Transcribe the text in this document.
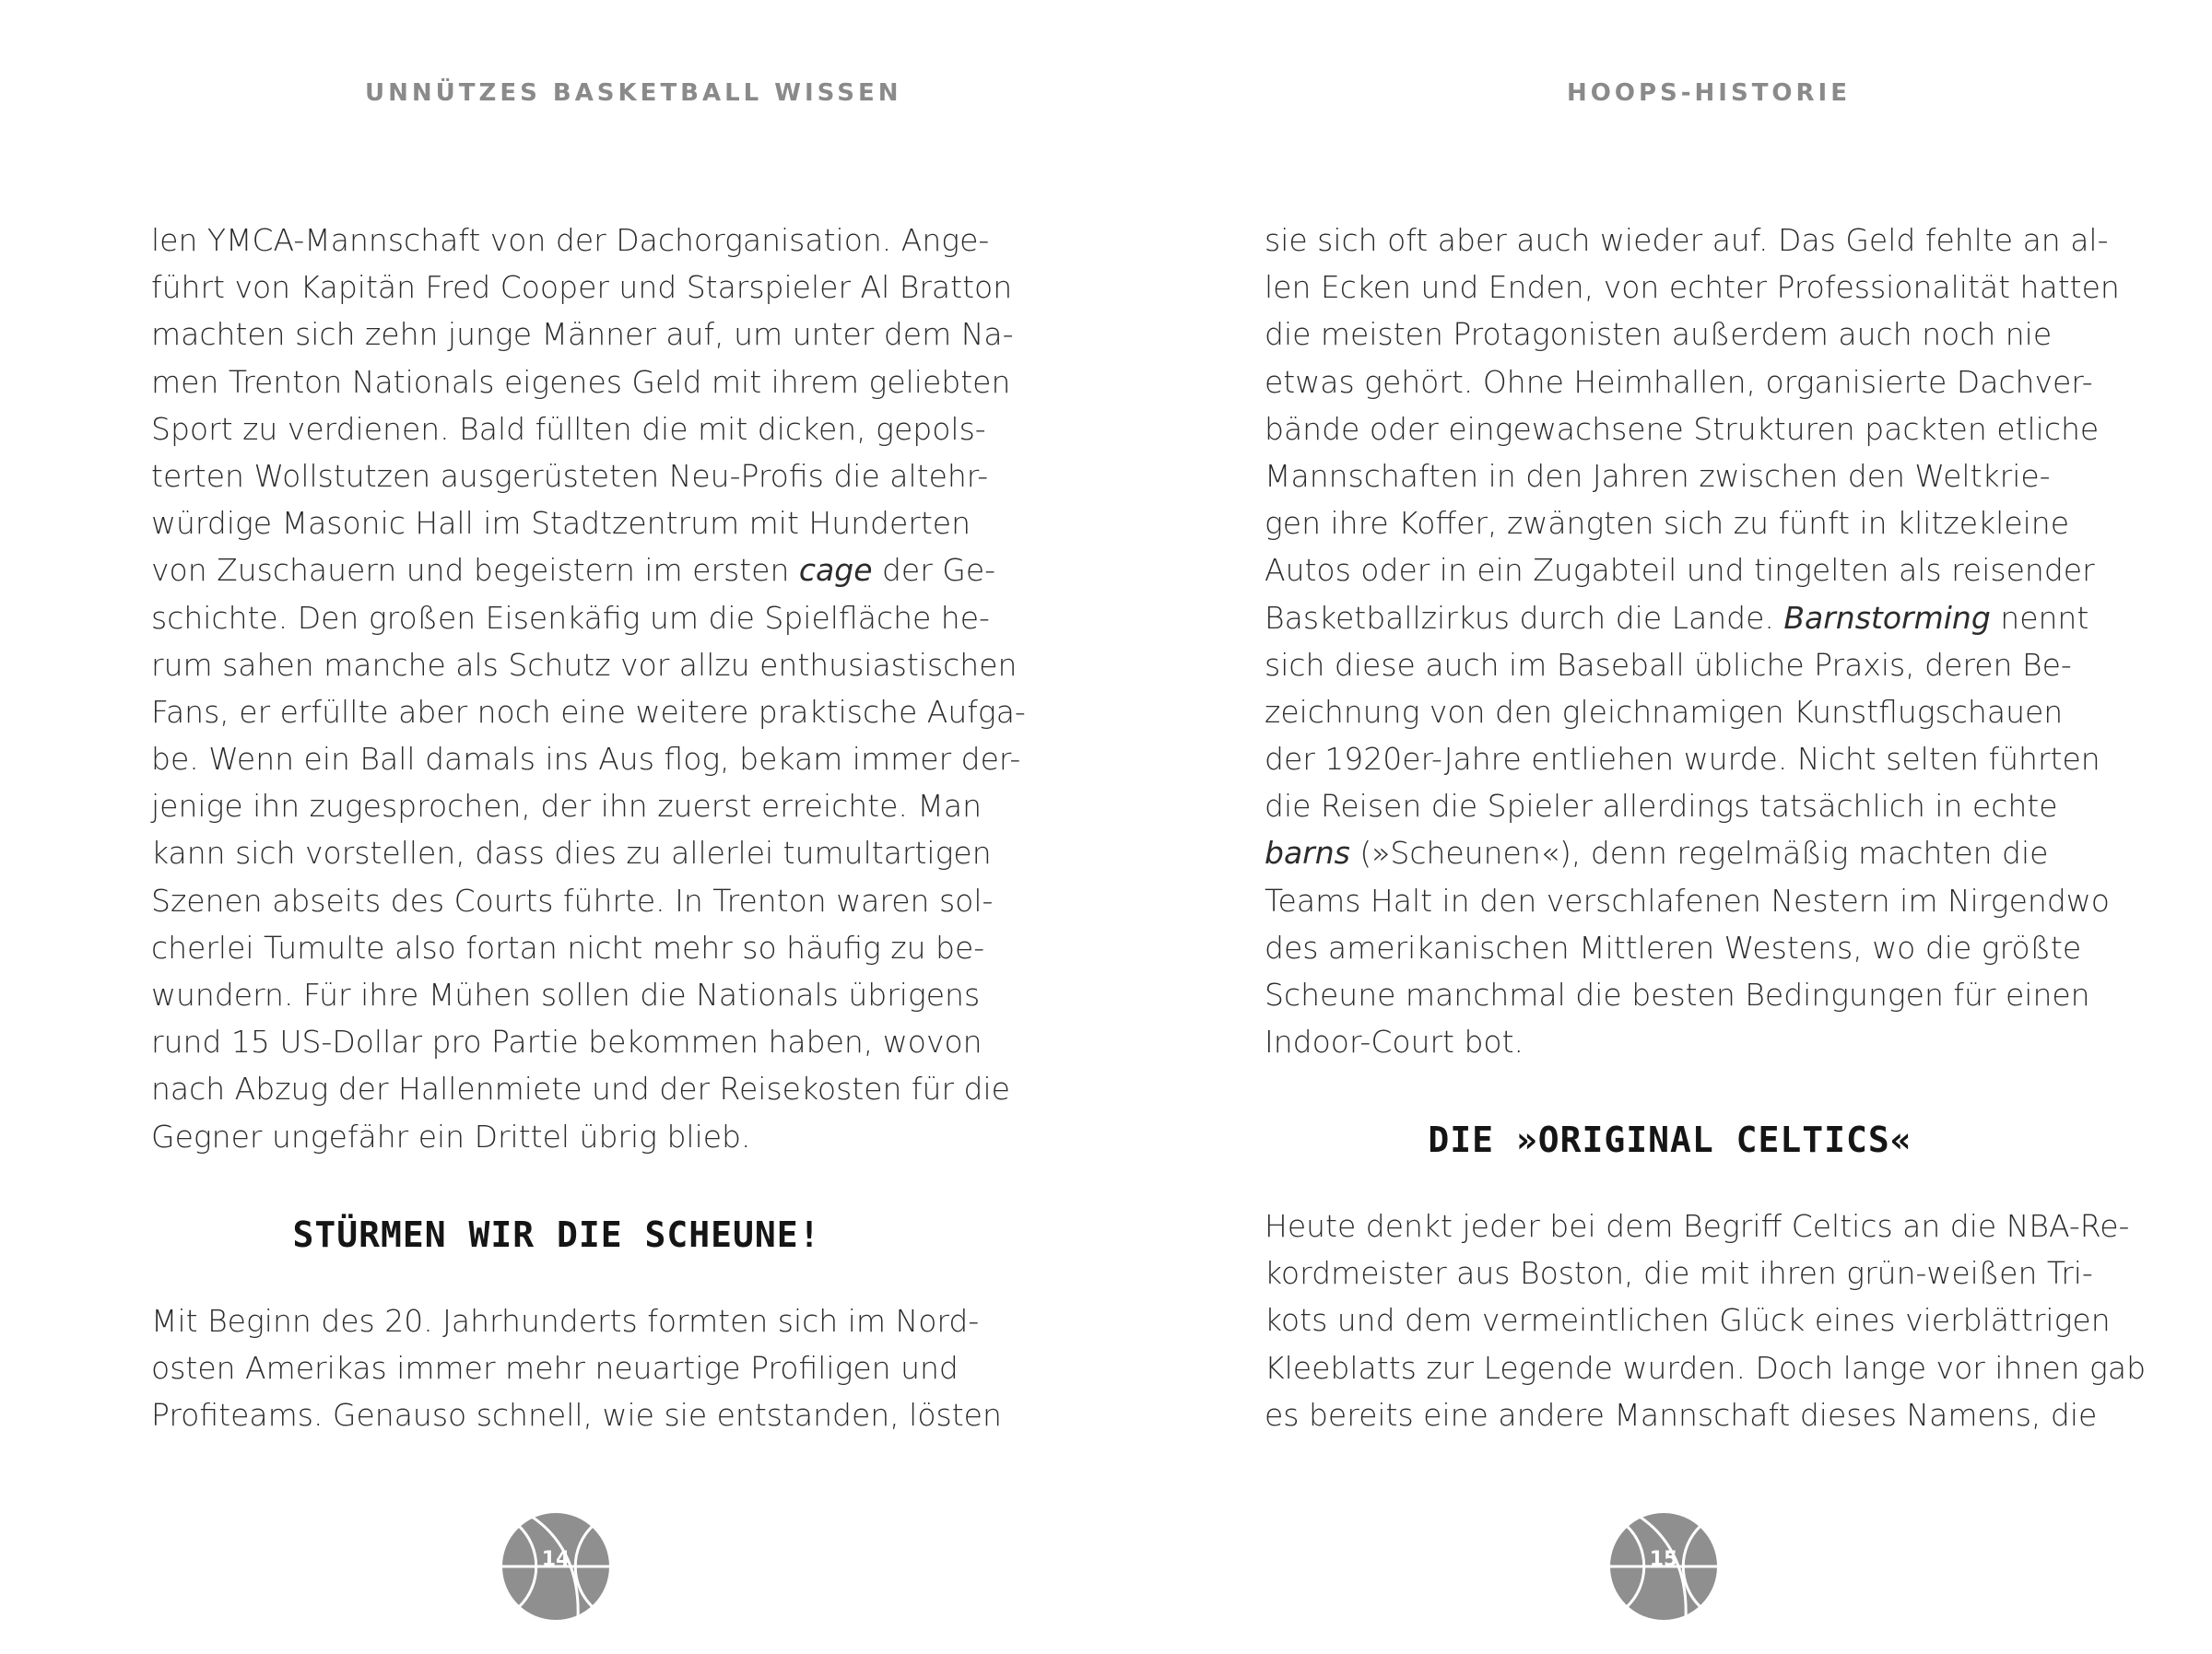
UNNÜTZES BASKETBALL WISSEN
len YMCA-Mannschaft von der Dachorganisation. Ange-
führt von Kapitän Fred Cooper und Starspieler Al Bratton
machten sich zehn junge Männer auf, um unter dem Na-
men Trenton Nationals eigenes Geld mit ihrem geliebten
Sport zu verdienen. Bald füllten die mit dicken, gepols-
terten Wollstutzen ausgerüsteten Neu-Profis die altehr-
würdige Masonic Hall im Stadtzentrum mit Hunderten
von Zuschauern und begeistern im ersten cage der Ge-
schichte. Den großen Eisenkäfig um die Spielfläche he-
rum sahen manche als Schutz vor allzu enthusiastischen
Fans, er erfüllte aber noch eine weitere praktische Aufga-
be. Wenn ein Ball damals ins Aus flog, bekam immer der-
jenige ihn zugesprochen, der ihn zuerst erreichte. Man
kann sich vorstellen, dass dies zu allerlei tumultartigen
Szenen abseits des Courts führte. In Trenton waren sol-
cherlei Tumulte also fortan nicht mehr so häufig zu be-
wundern. Für ihre Mühen sollen die Nationals übrigens
rund 15 US-Dollar pro Partie bekommen haben, wovon
nach Abzug der Hallenmiete und der Reisekosten für die
Gegner ungefähr ein Drittel übrig blieb.
STÜRMEN WIR DIE SCHEUNE!
Mit Beginn des 20. Jahrhunderts formten sich im Nord-
osten Amerikas immer mehr neuartige Profiligen und
Profiteams. Genauso schnell, wie sie entstanden, lösten
14
HOOPS-HISTORIE
sie sich oft aber auch wieder auf. Das Geld fehlte an al-
len Ecken und Enden, von echter Professionalität hatten
die meisten Protagonisten außerdem auch noch nie
etwas gehört. Ohne Heimhallen, organisierte Dachver-
bände oder eingewachsene Strukturen packten etliche
Mannschaften in den Jahren zwischen den Weltkrie-
gen ihre Koffer, zwängten sich zu fünft in klitzekleine
Autos oder in ein Zugabteil und tingelten als reisender
Basketballzirkus durch die Lande. Barnstorming nennt
sich diese auch im Baseball übliche Praxis, deren Be-
zeichnung von den gleichnamigen Kunstflugschauen
der 1920er-Jahre entliehen wurde. Nicht selten führten
die Reisen die Spieler allerdings tatsächlich in echte
barns (»Scheunen«), denn regelmäßig machten die
Teams Halt in den verschlafenen Nestern im Nirgendwo
des amerikanischen Mittleren Westens, wo die größte
Scheune manchmal die besten Bedingungen für einen
Indoor-Court bot.
DIE »ORIGINAL CELTICS«
Heute denkt jeder bei dem Begriff Celtics an die NBA-Re-
kordmeister aus Boston, die mit ihren grün-weißen Tri-
kots und dem vermeintlichen Glück eines vierblättrigen
Kleeblatts zur Legende wurden. Doch lange vor ihnen gab
es bereits eine andere Mannschaft dieses Namens, die
15
